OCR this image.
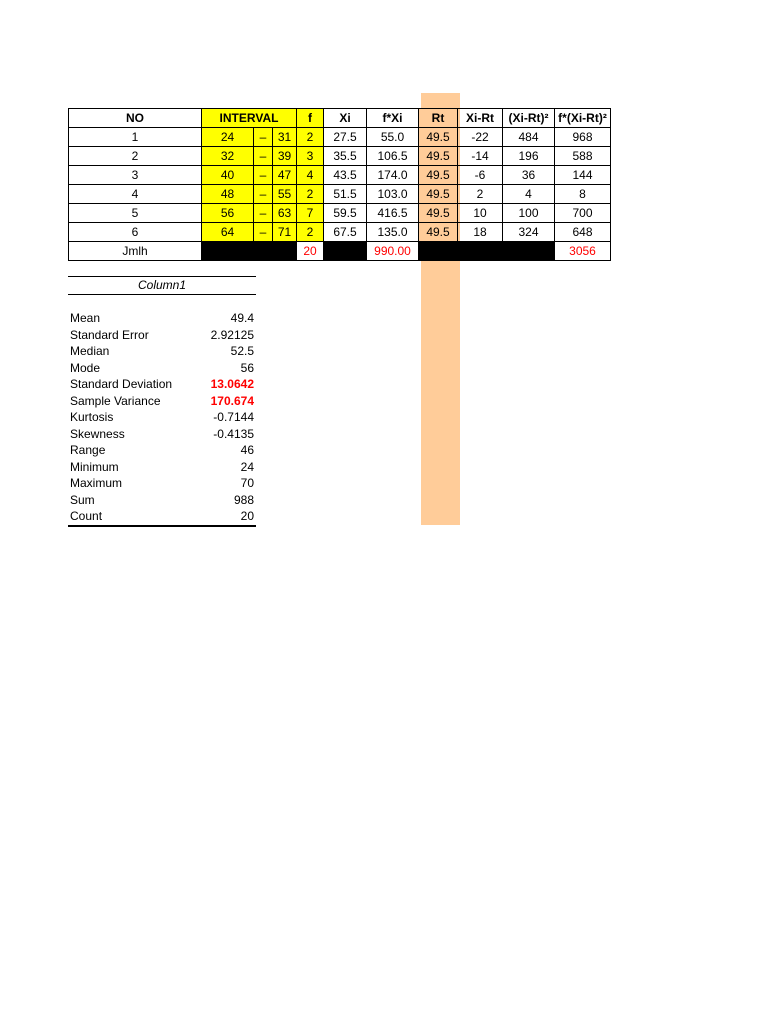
NO	INTERVAL			f	Xi	f*Xi	Rt	Xi-Rt	(Xi-Rt)²	f*(Xi-Rt)²
1	24	–	31	2	27.5	55.0	49.5	-22	484	968
2	32	–	39	3	35.5	106.5	49.5	-14	196	588
3	40	–	47	4	43.5	174.0	49.5	-6	36	144
4	48	–	55	2	51.5	103.0	49.5	2	4	8
5	56	–	63	7	59.5	416.5	49.5	10	100	700
6	64	–	71	2	67.5	135.0	49.5	18	324	648
Jmlh				20		990.00				3056
Column1
Mean	49.4
Standard Error	2.92125
Median	52.5
Mode	56
Standard Deviation	13.0642
Sample Variance	170.674
Kurtosis	-0.7144
Skewness	-0.4135
Range	46
Minimum	24
Maximum	70
Sum	988
Count	20
